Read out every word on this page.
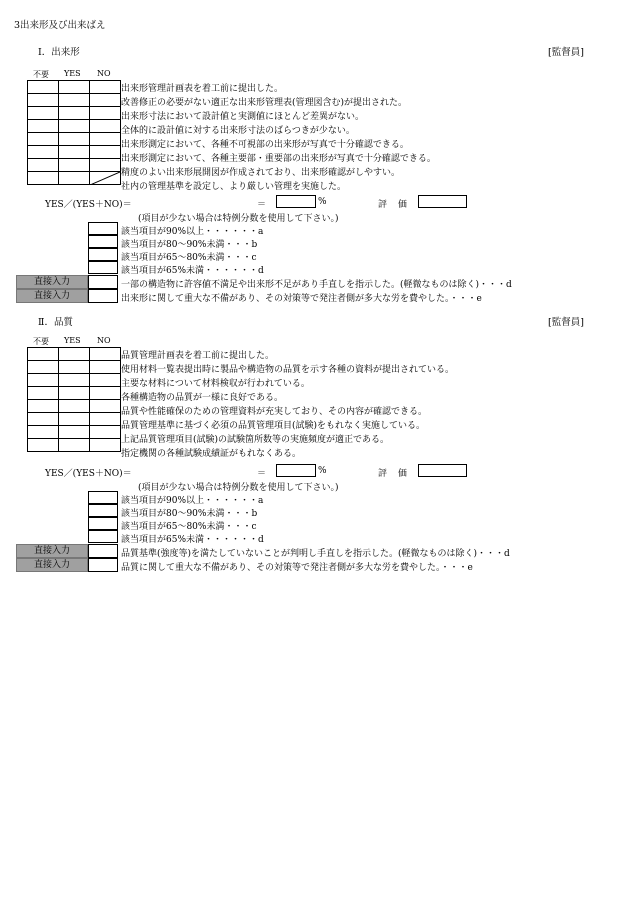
3出来形及び出来ばえ
Ⅰ．出来形	[監督員]
不要 YES NO

出来形管理計画表を着工前に提出した。
改善修正の必要がない適正な出来形管理表(管理図含む)が提出された。
出来形寸法において設計値と実測値にほとんど差異がない。
全体的に設計値に対する出来形寸法のばらつきが少ない。
出来形測定において、各種不可視部の出来形が写真で十分確認できる。
出来形測定において、各種主要部・重要部の出来形が写真で十分確認できる。
精度のよい出来形展開図が作成されており、出来形確認がしやすい。
社内の管理基準を設定し、より厳しい管理を実施した。
YES／(YES＋NO)＝	＝	%	評 価
(項目が少ない場合は特例分数を使用して下さい。)
該当項目が90%以上・・・・・・a
該当項目が80～90%未満・・・b
該当項目が65～80%未満・・・c
該当項目が65%未満・・・・・・d
直接入力	一部の構造物に許容値不満足や出来形不足があり手直しを指示した。(軽微なものは除く)・・・d
直接入力	出来形に関して重大な不備があり、その対策等で発注者側が多大な労を費やした。・・・e
Ⅱ．品質	[監督員]
不要 YES NO

品質管理計画表を着工前に提出した。
使用材料一覧表提出時に製品や構造物の品質を示す各種の資料が提出されている。
主要な材料について材料検収が行われている。
各種構造物の品質が一様に良好である。
品質や性能確保のための管理資料が充実しており、その内容が確認できる。
品質管理基準に基づく必須の品質管理項目(試験)をもれなく実施している。
上記品質管理項目(試験)の試験箇所数等の実施頻度が適正である。
指定機関の各種試験成績証がもれなくある。
YES／(YES＋NO)＝	＝	%	評 価
(項目が少ない場合は特例分数を使用して下さい。)
該当項目が90%以上・・・・・・a
該当項目が80～90%未満・・・b
該当項目が65～80%未満・・・c
該当項目が65%未満・・・・・・d
直接入力	品質基準(強度等)を満たしていないことが判明し手直しを指示した。(軽微なものは除く)・・・d
直接入力	品質に関して重大な不備があり、その対策等で発注者側が多大な労を費やした。・・・e
